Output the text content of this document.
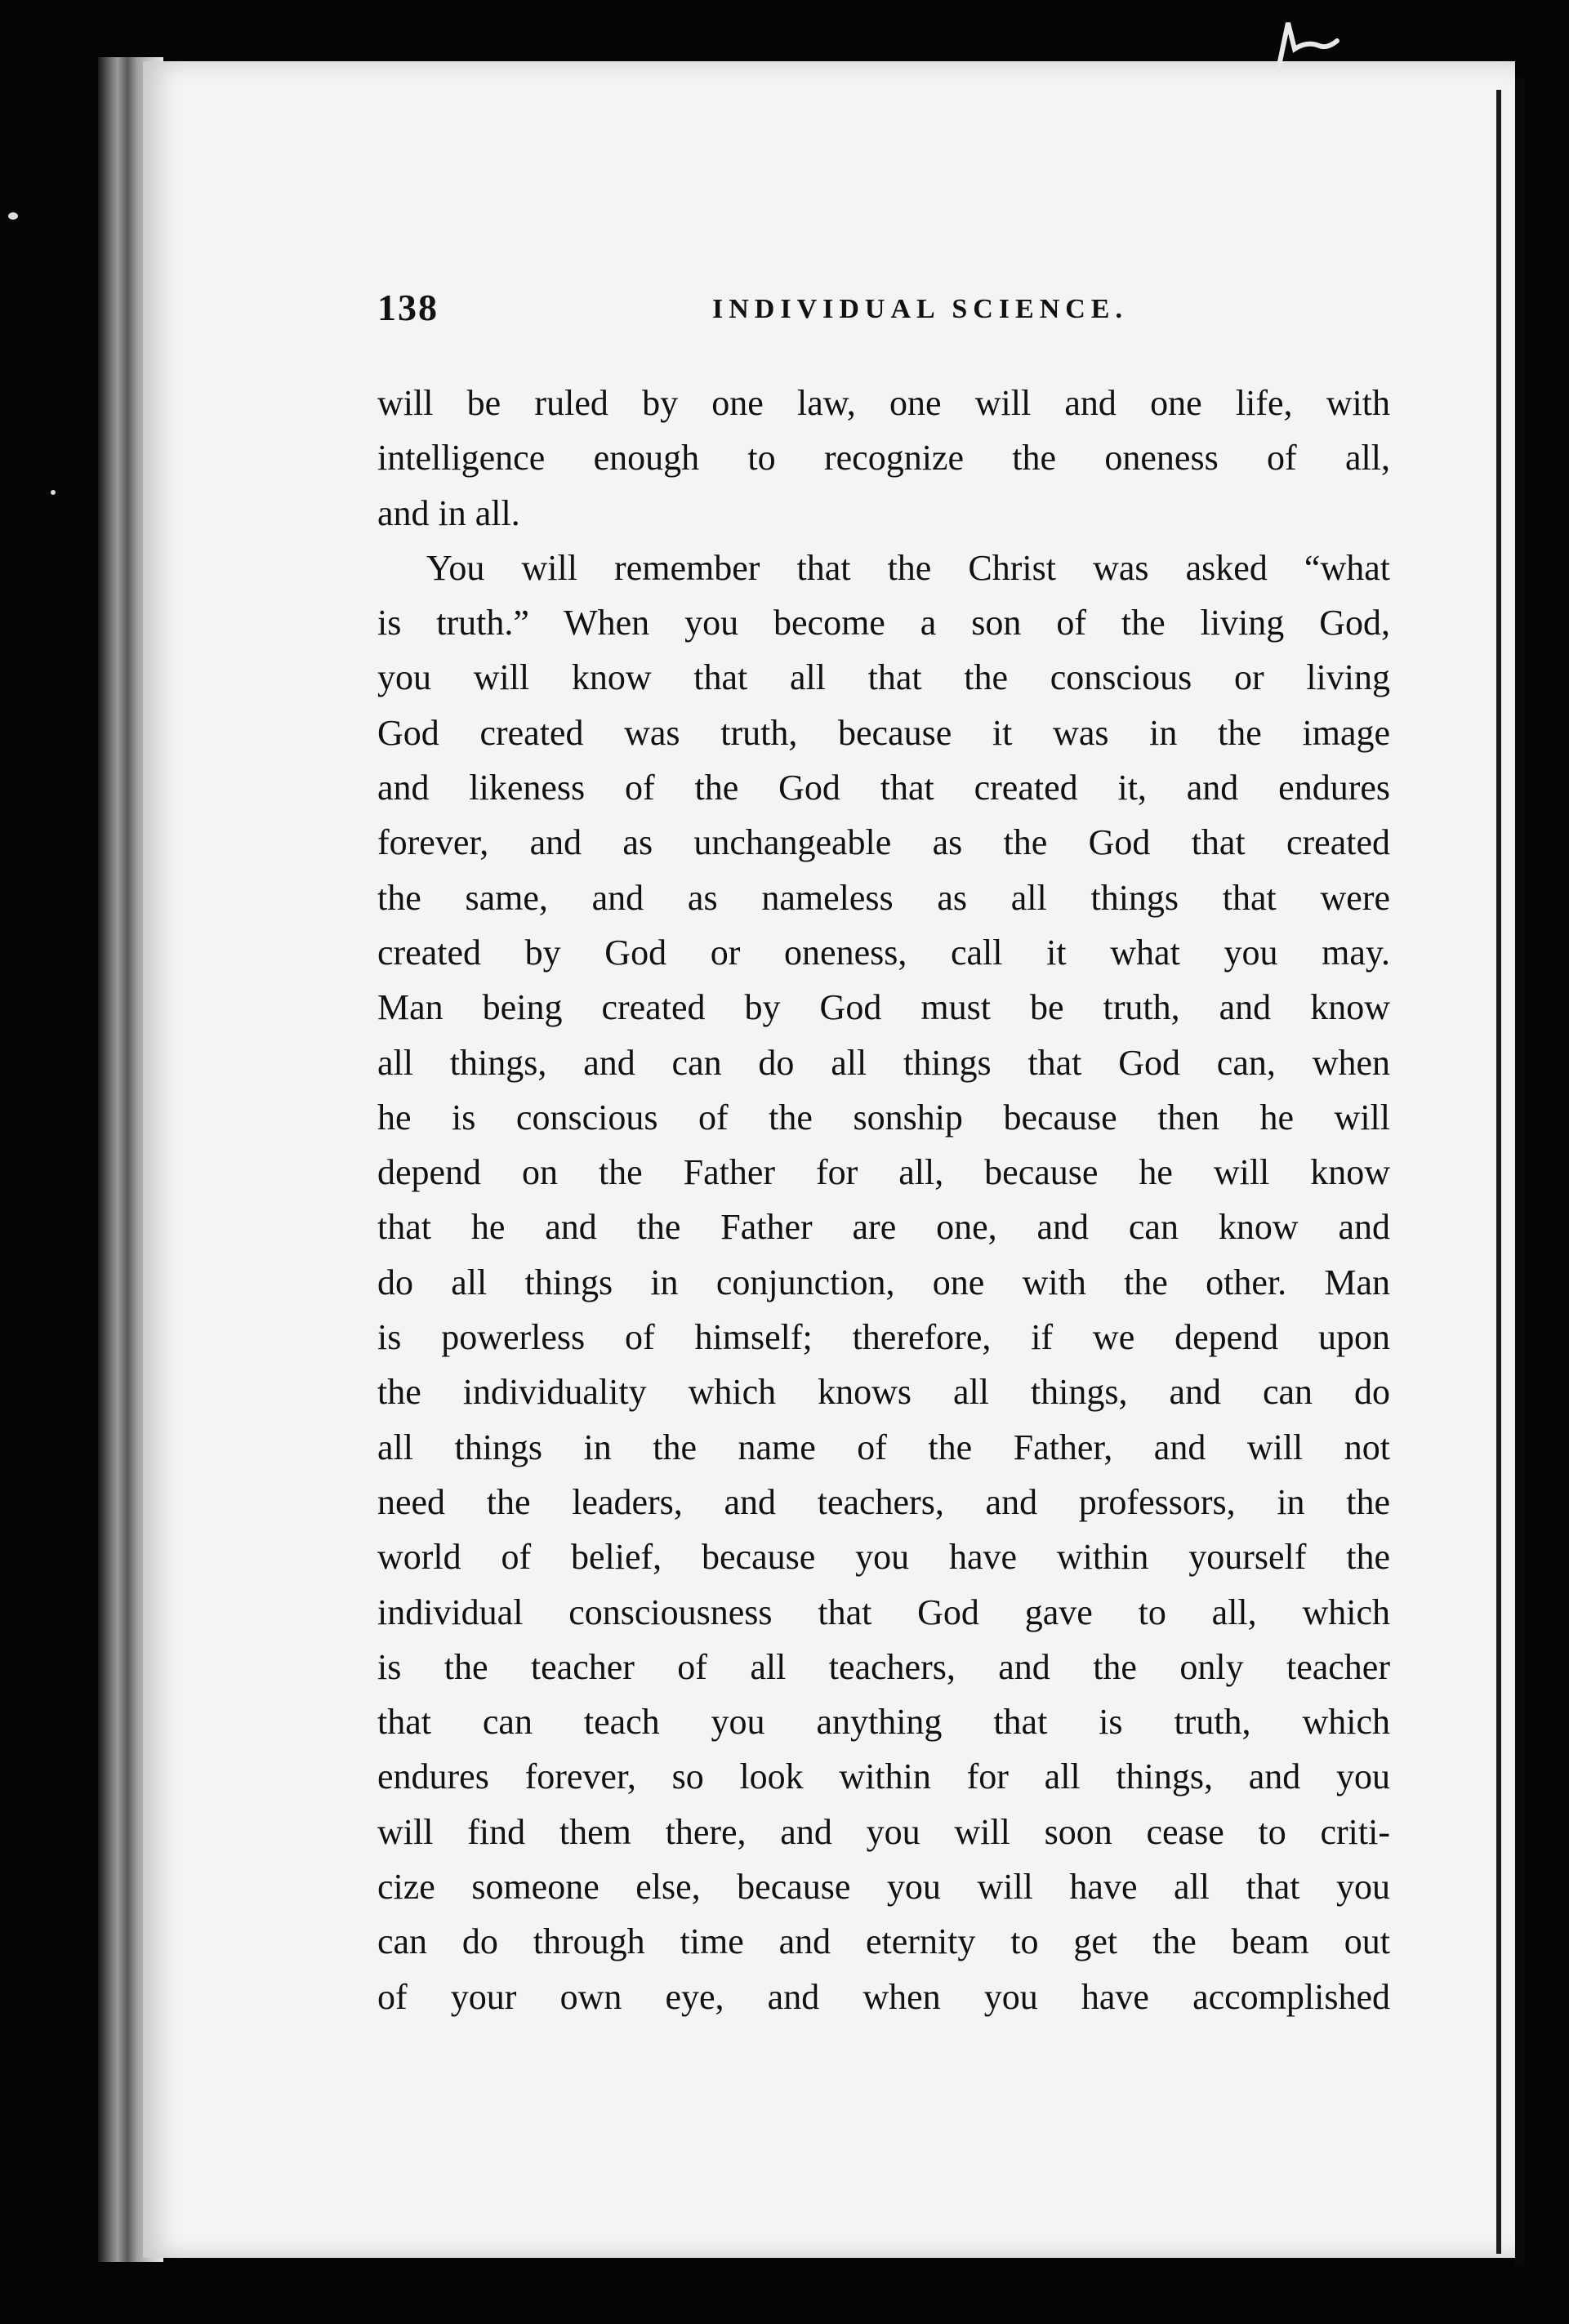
138	INDIVIDUAL SCIENCE.
will be ruled by one law, one will and one life, with
intelligence enough to recognize the oneness of all,
and in all.
You will remember that the Christ was asked “what
is truth.” When you become a son of the living God,
you will know that all that the conscious or living
God created was truth, because it was in the image
and likeness of the God that created it, and endures
forever, and as unchangeable as the God that created
the same, and as nameless as all things that were
created by God or oneness, call it what you may.
Man being created by God must be truth, and know
all things, and can do all things that God can, when
he is conscious of the sonship because then he will
depend on the Father for all, because he will know
that he and the Father are one, and can know and
do all things in conjunction, one with the other. Man
is powerless of himself; therefore, if we depend upon
the individuality which knows all things, and can do
all things in the name of the Father, and will not
need the leaders, and teachers, and professors, in the
world of belief, because you have within yourself the
individual consciousness that God gave to all, which
is the teacher of all teachers, and the only teacher
that can teach you anything that is truth, which
endures forever, so look within for all things, and you
will find them there, and you will soon cease to criti-
cize someone else, because you will have all that you
can do through time and eternity to get the beam out
of your own eye, and when you have accomplished
